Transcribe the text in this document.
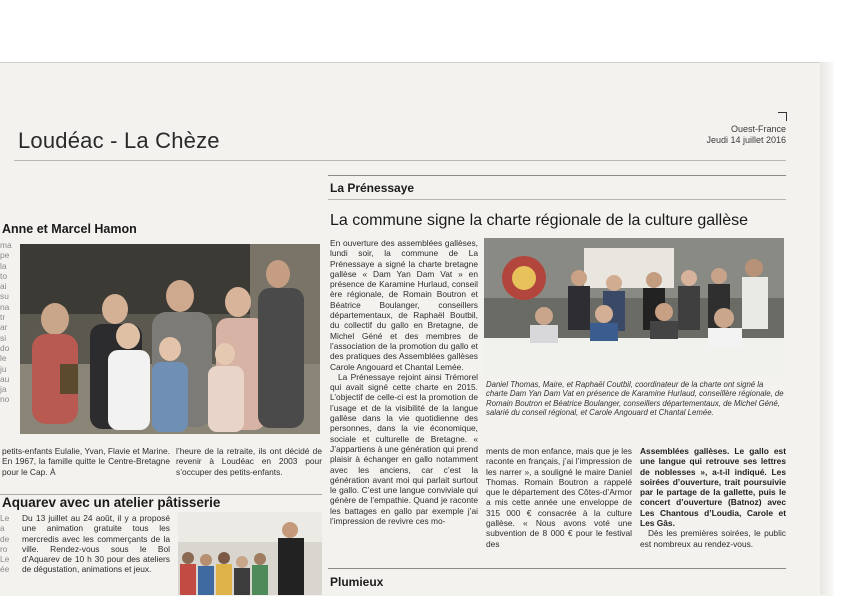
Loudéac - La Chèze	Ouest-France
Jeudi 14 juillet 2016
Anne et Marcel Hamon
ma
pe
la
to
ai
su
na
tr
ar
si
do
le
ju
au
ja
no
petits-enfants Eulalie, Yvan, Flavie et Marine. En 1967, la famille quitte le Centre-Bretagne pour le Cap. À
l’heure de la retraite, ils ont décidé de revenir à Loudéac en 2003 pour s’occuper des petits-enfants.
Aquarev avec un atelier pâtisserie
Le
a
de
ro
Le
ée
Du 13 juillet au 24 août, il y a proposé une animation gratuite tous les mercredis avec les commerçants de la ville. Rendez-vous sous le Bol d’Aquarev de 10 h 30 pour des ateliers de dégustation, animations et jeux.
La Prénessaye
La commune signe la charte régionale de la culture gallèse

En ouverture des assemblées gallèses, lundi soir, la commune de La Prénessaye a signé la charte bretagne gallèse « Dam Yan Dam Vat » en présence de Karamine Hurlaud, conseil ère régionale, de Romain Boutron et Béatrice Boulanger, conseillers départementaux, de Raphaël Boutbil, du collectif du gallo en Bretagne, de Michel Géné et des membres de l’association de la promotion du gallo et des pratiques des Assemblées gallèses Carole Angouard et Chantal Lemée.

La Prénessaye rejoint ainsi Trémorel qui avait signé cette charte en 2015. L’objectif de celle-ci est la promotion de l’usage et de la visibilité de la langue gallèse dans la vie quotidienne des personnes, dans la vie économique, sociale et culturelle de Bretagne. « J’appartiens à une génération qui prend plaisir à échanger en gallo notamment avec les anciens, car c’est la génération avant moi qui parlait surtout le gallo. C’est une langue conviviale qui génère de l’empathie. Quand je raconte les battages en gallo par exemple j’ai l’impression de revivre ces mo-

Daniel Thomas, Maire, et Raphaël Coutbil, coordinateur de la charte ont signé la charte Dam Yan Dam Vat en présence de Karamine Hurlaud, conseillère régionale, de Romain Boutron et Béatrice Boulanger, conseillers départementaux, de Michel Géné, salarié du conseil régional, et Carole Angouard et Chantal Lemée.
ments de mon enfance, mais que je les raconte en français, j’ai l’impression de les narrer », a souligné le maire Daniel Thomas. Romain Boutron a rappelé que le département des Côtes-d’Armor a mis cette année une enveloppe de 315 000 € consacrée à la culture gallèse. « Nous avons voté une subvention de 8 000 € pour le festival des

Assemblées gallèses. Le gallo est une langue qui retrouve ses lettres de noblesses », a-t-il indiqué. Les soirées d’ouverture, trait poursuivie par le partage de la gallette, puis le concert d’ouverture (Batnoz) avec Les Chantous d’Loudia, Carole et Les Gâs.

Dès les premières soirées, le public est nombreux au rendez-vous.

Plumieux
